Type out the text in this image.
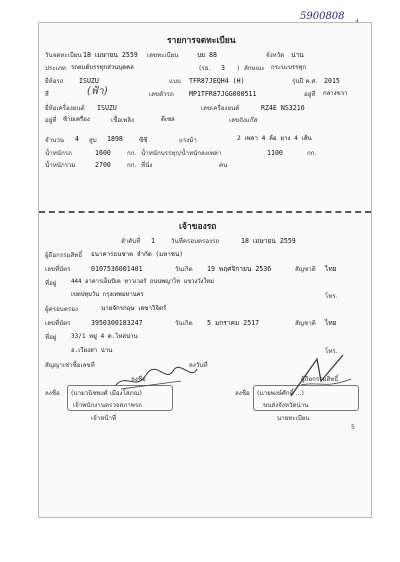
5900808
รายการจดทะเบียน
วันจดทะเบียน 18 เมษายน 2559 เลขทะเบียน	บย 88	จังหวัด น่าน
ประเภท รถยนต์บรรทุกส่วนบุคคล	(รย. 3 ) ลักษณะ กระบะบรรทุก
ยี่ห้อรถ ISUZU	แบบ TFR87JEQH4 (H)	รุ่นปี ค.ศ. 2015
สี	(ฟ้า)	เลขตัวรถ MP1TFR87JGG000511	อยู่ที่ กลางขวา
ยี่ห้อเครื่องยนต์ ISUZU	เลขเครื่องยนต์	RZ4E NS3216
อยู่ที่ ซ้ายเครื่อง	เชื้อเพลิง	ดีเซล	เลขถังแก๊ส
จำนวน 4 สูบ 1898	ซีซี	แรงม้า	2 เพลา 4 ล้อ ยาง 4 เส้น
น้ำหนักรถ	1600	กก. น้ำหนักบรรทุก/น้ำหนักลงเพลา	1100	กก.
น้ำหนักรวม	2700	กก. ที่นั่ง	คน
เจ้าของรถ
ลำดับที่ 1	วันที่ครอบครองรถ	18 เมษายน 2559
ผู้ถือกรรมสิทธิ์ ธนาคารธนชาต จำกัด (มหาชน)
เลขที่บัตร	0107536001401	วันเกิด 19 พฤศจิกายน 2536	สัญชาติ ไทย
ที่อยู่	444 อาคารเอ็มบีเค ทาวเวอร์ ถนนพญาไท แขวงวังใหม่
เขตปทุมวัน กรุงเทพมหานคร	โทร.
ผู้ครอบครอง	นายจักรกฤษ เลขาวิจิตร์
เลขที่บัตร	3950300183247	วันเกิด 5 มกราคม 2517	สัญชาติ ไทย
ที่อยู่ 33/1 หมู่ 4 ต.ไหล่น่าน
อ.เวียงสา น่าน	โทร.
สัญญาเช่าซื้อเลขที่	ลงวันที่
ลงชื่อ	ผู้ถือกรรมสิทธิ์
ลงชื่อ (นายวนิชพงศ์ เมืองโสภณ)
เจ้าพนักงานตรวจสภาพรถ
เจ้าหน้าที่
ลงชื่อ (นายพงษ์ศักดิ์ ...)
ขนส่งจังหวัดน่าน
นายทะเบียน
5
